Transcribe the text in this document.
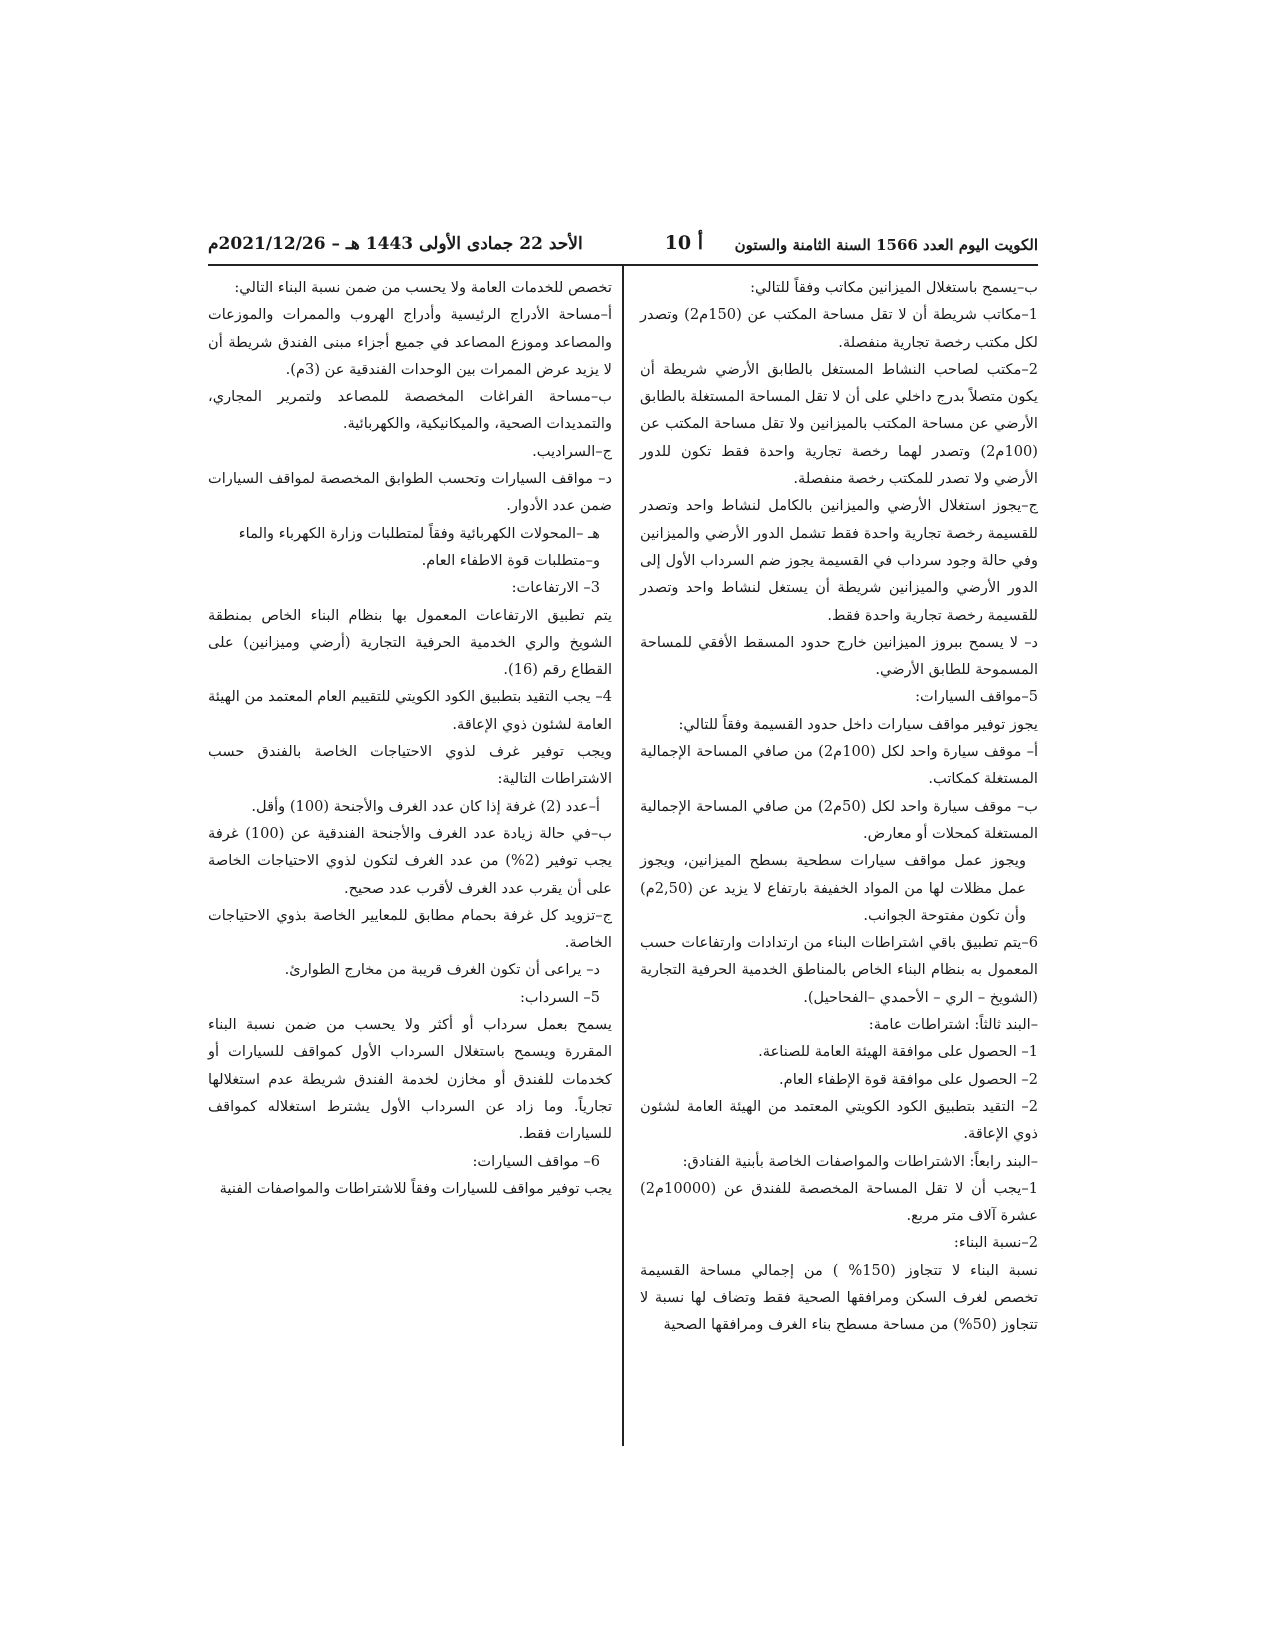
الكويت اليوم العدد 1566 السنة الثامنة والستون
أ 10
الأحد 22 جمادى الأولى 1443 هـ – 2021/12/26م

ب–يسمح باستغلال الميزانين مكاتب وفقاً للتالي:

1–مكاتب شريطة أن لا تقل مساحة المكتب عن (150م2) وتصدر لكل مكتب رخصة تجارية منفصلة.

2–مكتب لصاحب النشاط المستغل بالطابق الأرضي شريطة أن يكون متصلاً بدرج داخلي على أن لا تقل المساحة المستغلة بالطابق الأرضي عن مساحة المكتب بالميزانين ولا تقل مساحة المكتب عن (100م2) وتصدر لهما رخصة تجارية واحدة فقط تكون للدور الأرضي ولا تصدر للمكتب رخصة منفصلة.

ج–يجوز استغلال الأرضي والميزانين بالكامل لنشاط واحد وتصدر للقسيمة رخصة تجارية واحدة فقط تشمل الدور الأرضي والميزانين وفي حالة وجود سرداب في القسيمة يجوز ضم السرداب الأول إلى الدور الأرضي والميزانين شريطة أن يستغل لنشاط واحد وتصدر للقسيمة رخصة تجارية واحدة فقط.

د– لا يسمح ببروز الميزانين خارج حدود المسقط الأفقي للمساحة المسموحة للطابق الأرضي.

5–مواقف السيارات:

يجوز توفير مواقف سيارات داخل حدود القسيمة وفقاً للتالي:

أ– موقف سيارة واحد لكل (100م2) من صافي المساحة الإجمالية المستغلة كمكاتب.

ب– موقف سيارة واحد لكل (50م2) من صافي المساحة الإجمالية المستغلة كمحلات أو معارض.

ويجوز عمل مواقف سيارات سطحية بسطح الميزانين، ويجوز عمل مظلات لها من المواد الخفيفة بارتفاع لا يزيد عن (2,50م) وأن تكون مفتوحة الجوانب.

6–يتم تطبيق باقي اشتراطات البناء من ارتدادات وارتفاعات حسب المعمول به بنظام البناء الخاص بالمناطق الخدمية الحرفية التجارية (الشويخ – الري – الأحمدي –الفحاحيل).

–البند ثالثاً: اشتراطات عامة:

1– الحصول على موافقة الهيئة العامة للصناعة.

2– الحصول على موافقة قوة الإطفاء العام.

2– التقيد بتطبيق الكود الكويتي المعتمد من الهيئة العامة لشئون ذوي الإعاقة.

–البند رابعاً: الاشتراطات والمواصفات الخاصة بأبنية الفنادق:

1–يجب أن لا تقل المساحة المخصصة للفندق عن (10000م2) عشرة آلاف متر مربع.

2–نسبة البناء:

نسبة البناء لا تتجاوز (150% ) من إجمالي مساحة القسيمة تخصص لغرف السكن ومرافقها الصحية فقط وتضاف لها نسبة لا تتجاوز (50%) من مساحة مسطح بناء الغرف ومرافقها الصحية

تخصص للخدمات العامة ولا يحسب من ضمن نسبة البناء التالي:

أ–مساحة الأدراج الرئيسية وأدراج الهروب والممرات والموزعات والمصاعد وموزع المصاعد في جميع أجزاء مبنى الفندق شريطة أن لا يزيد عرض الممرات بين الوحدات الفندقية عن (3م).

ب–مساحة الفراغات المخصصة للمصاعد ولتمرير المجاري، والتمديدات الصحية، والميكانيكية، والكهربائية.

ج–السراديب.

د– مواقف السيارات وتحسب الطوابق المخصصة لمواقف السيارات ضمن عدد الأدوار.

هـ –المحولات الكهربائية وفقاً لمتطلبات وزارة الكهرباء والماء

و–متطلبات قوة الاطفاء العام.

3– الارتفاعات:

يتم تطبيق الارتفاعات المعمول بها بنظام البناء الخاص بمنطقة الشويخ والري الخدمية الحرفية التجارية (أرضي وميزانين) على القطاع رقم (16).

4– يجب التقيد بتطبيق الكود الكويتي للتقييم العام المعتمد من الهيئة العامة لشئون ذوي الإعاقة.

ويجب توفير غرف لذوي الاحتياجات الخاصة بالفندق حسب الاشتراطات التالية:

أ–عدد (2) غرفة إذا كان عدد الغرف والأجنحة (100) وأقل.

ب–في حالة زيادة عدد الغرف والأجنحة الفندقية عن (100) غرفة يجب توفير (2%) من عدد الغرف لتكون لذوي الاحتياجات الخاصة على أن يقرب عدد الغرف لأقرب عدد صحيح.

ج–تزويد كل غرفة بحمام مطابق للمعايير الخاصة بذوي الاحتياجات الخاصة.

د– يراعى أن تكون الغرف قريبة من مخارج الطوارئ.

5– السرداب:

يسمح بعمل سرداب أو أكثر ولا يحسب من ضمن نسبة البناء المقررة ويسمح باستغلال السرداب الأول كمواقف للسيارات أو كخدمات للفندق أو مخازن لخدمة الفندق شريطة عدم استغلالها تجارياً. وما زاد عن السرداب الأول يشترط استغلاله كمواقف للسيارات فقط.

6– مواقف السيارات:

يجب توفير مواقف للسيارات وفقاً للاشتراطات والمواصفات الفنية
